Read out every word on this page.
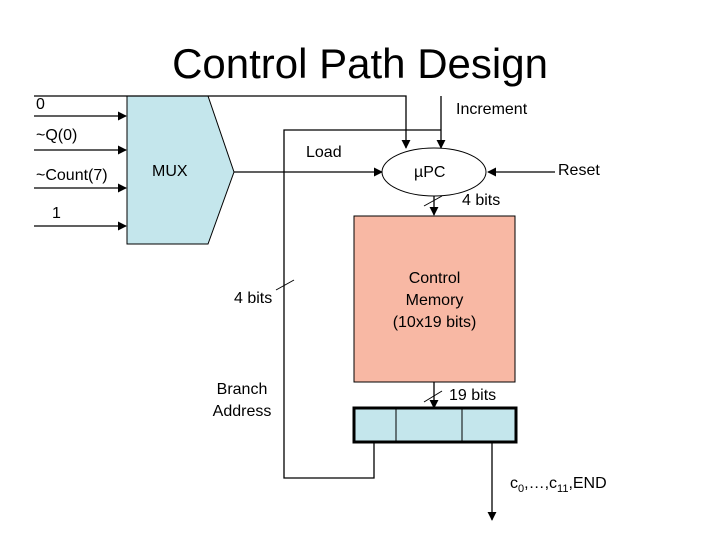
Control Path Design
0
~Q(0)
~Count(7)
1
MUX
Increment
Load
Reset
µPC
4 bits
4 bits
19 bits
Control
Memory
(10x19 bits)
Branch
Address
$c_0,\dots,c_{11},END$
